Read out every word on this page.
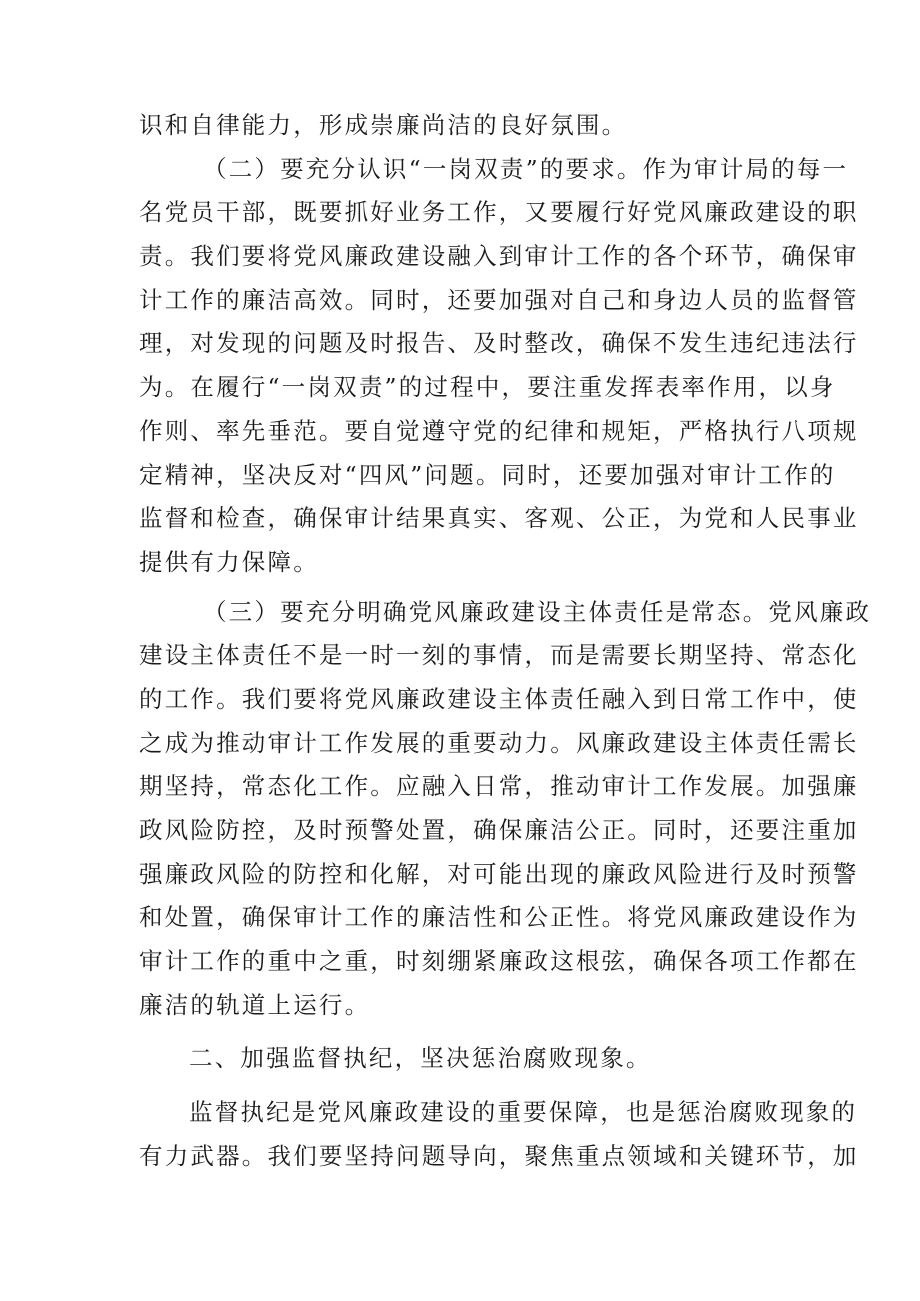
识和自律能力，形成崇廉尚洁的良好氛围。
（二）要充分认识“一岗双责”的要求。作为审计局的每一
名党员干部，既要抓好业务工作，又要履行好党风廉政建设的职
责。我们要将党风廉政建设融入到审计工作的各个环节，确保审
计工作的廉洁高效。同时，还要加强对自己和身边人员的监督管
理，对发现的问题及时报告、及时整改，确保不发生违纪违法行
为。在履行“一岗双责”的过程中，要注重发挥表率作用，以身
作则、率先垂范。要自觉遵守党的纪律和规矩，严格执行八项规
定精神，坚决反对“四风”问题。同时，还要加强对审计工作的
监督和检查，确保审计结果真实、客观、公正，为党和人民事业
提供有力保障。
（三）要充分明确党风廉政建设主体责任是常态。党风廉政
建设主体责任不是一时一刻的事情，而是需要长期坚持、常态化
的工作。我们要将党风廉政建设主体责任融入到日常工作中，使
之成为推动审计工作发展的重要动力。风廉政建设主体责任需长
期坚持，常态化工作。应融入日常，推动审计工作发展。加强廉
政风险防控，及时预警处置，确保廉洁公正。同时，还要注重加
强廉政风险的防控和化解，对可能出现的廉政风险进行及时预警
和处置，确保审计工作的廉洁性和公正性。将党风廉政建设作为
审计工作的重中之重，时刻绷紧廉政这根弦，确保各项工作都在
廉洁的轨道上运行。
二、加强监督执纪，坚决惩治腐败现象。
监督执纪是党风廉政建设的重要保障，也是惩治腐败现象的
有力武器。我们要坚持问题导向，聚焦重点领域和关键环节，加
